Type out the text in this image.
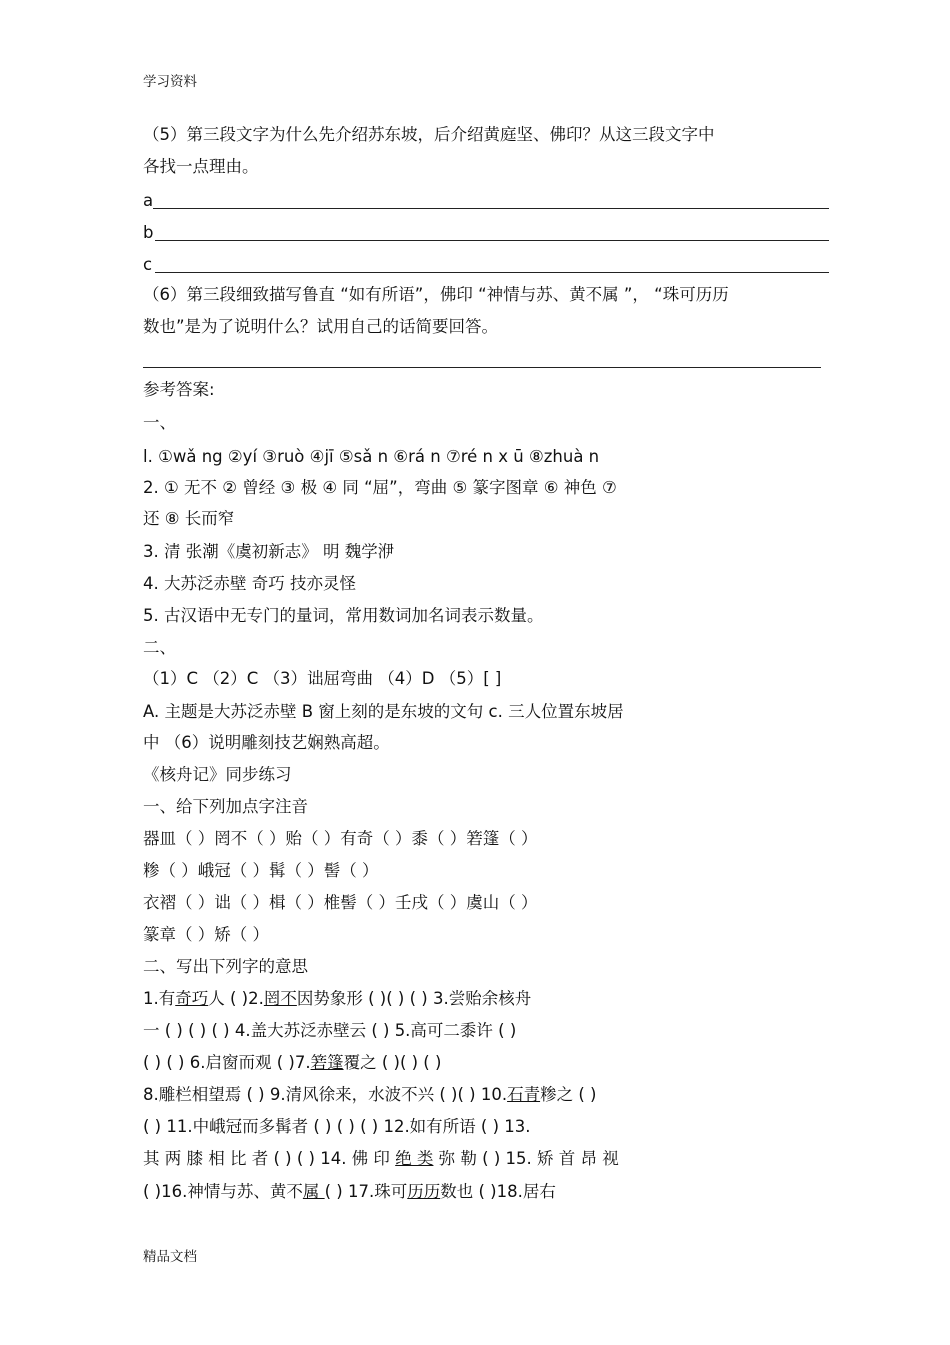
学习资料
（5）第三段文字为什么先介绍苏东坡，后介绍黄庭坚、佛印？从这三段文字中
各找一点理由。
a
b
c
（6）第三段细致描写鲁直 “如有所语”，佛印 “神情与苏、黄不属 ”， “珠可历历
数也”是为了说明什么？试用自己的话简要回答。
参考答案:
一、
l. ①wǎ ng ②yí ③ruò ④jī ⑤sǎ n ⑥rá n ⑦ré n x ū ⑧zhuà n
2. ① 无不 ② 曾经 ③ 极 ④ 同 “屈”，弯曲 ⑤ 篆字图章 ⑥ 神色 ⑦
还 ⑧ 长而窄
3. 清 张潮《虞初新志》 明 魏学洢
4. 大苏泛赤壁 奇巧 技亦灵怪
5. 古汉语中无专门的量词，常用数词加名词表示数量。
二、
（1）C （2）C （3）诎屈弯曲 （4）D （5）[ ]
A. 主题是大苏泛赤壁 B 窗上刻的是东坡的文句 c. 三人位置东坡居
中 （6）说明雕刻技艺娴熟高超。
《核舟记》同步练习
一、给下列加点字注音
器皿（ ）罔不（ ）贻（ ）有奇（ ）黍（ ）箬篷（ ）
糁（ ）峨冠（ ）髯（ ）髻（ ）
衣褶（ ）诎（ ）楫（ ）椎髻（ ）壬戌（ ）虞山（ ）
篆章（ ）矫（ ）
二、写出下列字的意思
1.有奇巧人 ( )2.罔不因势象形 ( )( ) ( ) 3.尝贻余核舟
一 ( ) ( ) ( ) 4.盖大苏泛赤壁云 ( ) 5.高可二黍许 ( )
( ) ( ) 6.启窗而观 ( )7.箬篷覆之 ( )( ) ( )
8.雕栏相望焉 ( ) 9.清风徐来，水波不兴 ( )( ) 10.石青糁之 ( )
( ) 11.中峨冠而多髯者 ( ) ( ) ( ) 12.如有所语 ( ) 13.
其 两 膝 相 比 者 ( ) ( ) 14. 佛 印 绝 类 弥 勒 ( ) 15. 矫 首 昂 视
( )16.神情与苏、黄不属 ( ) 17.珠可历历数也 ( )18.居右
精品文档
